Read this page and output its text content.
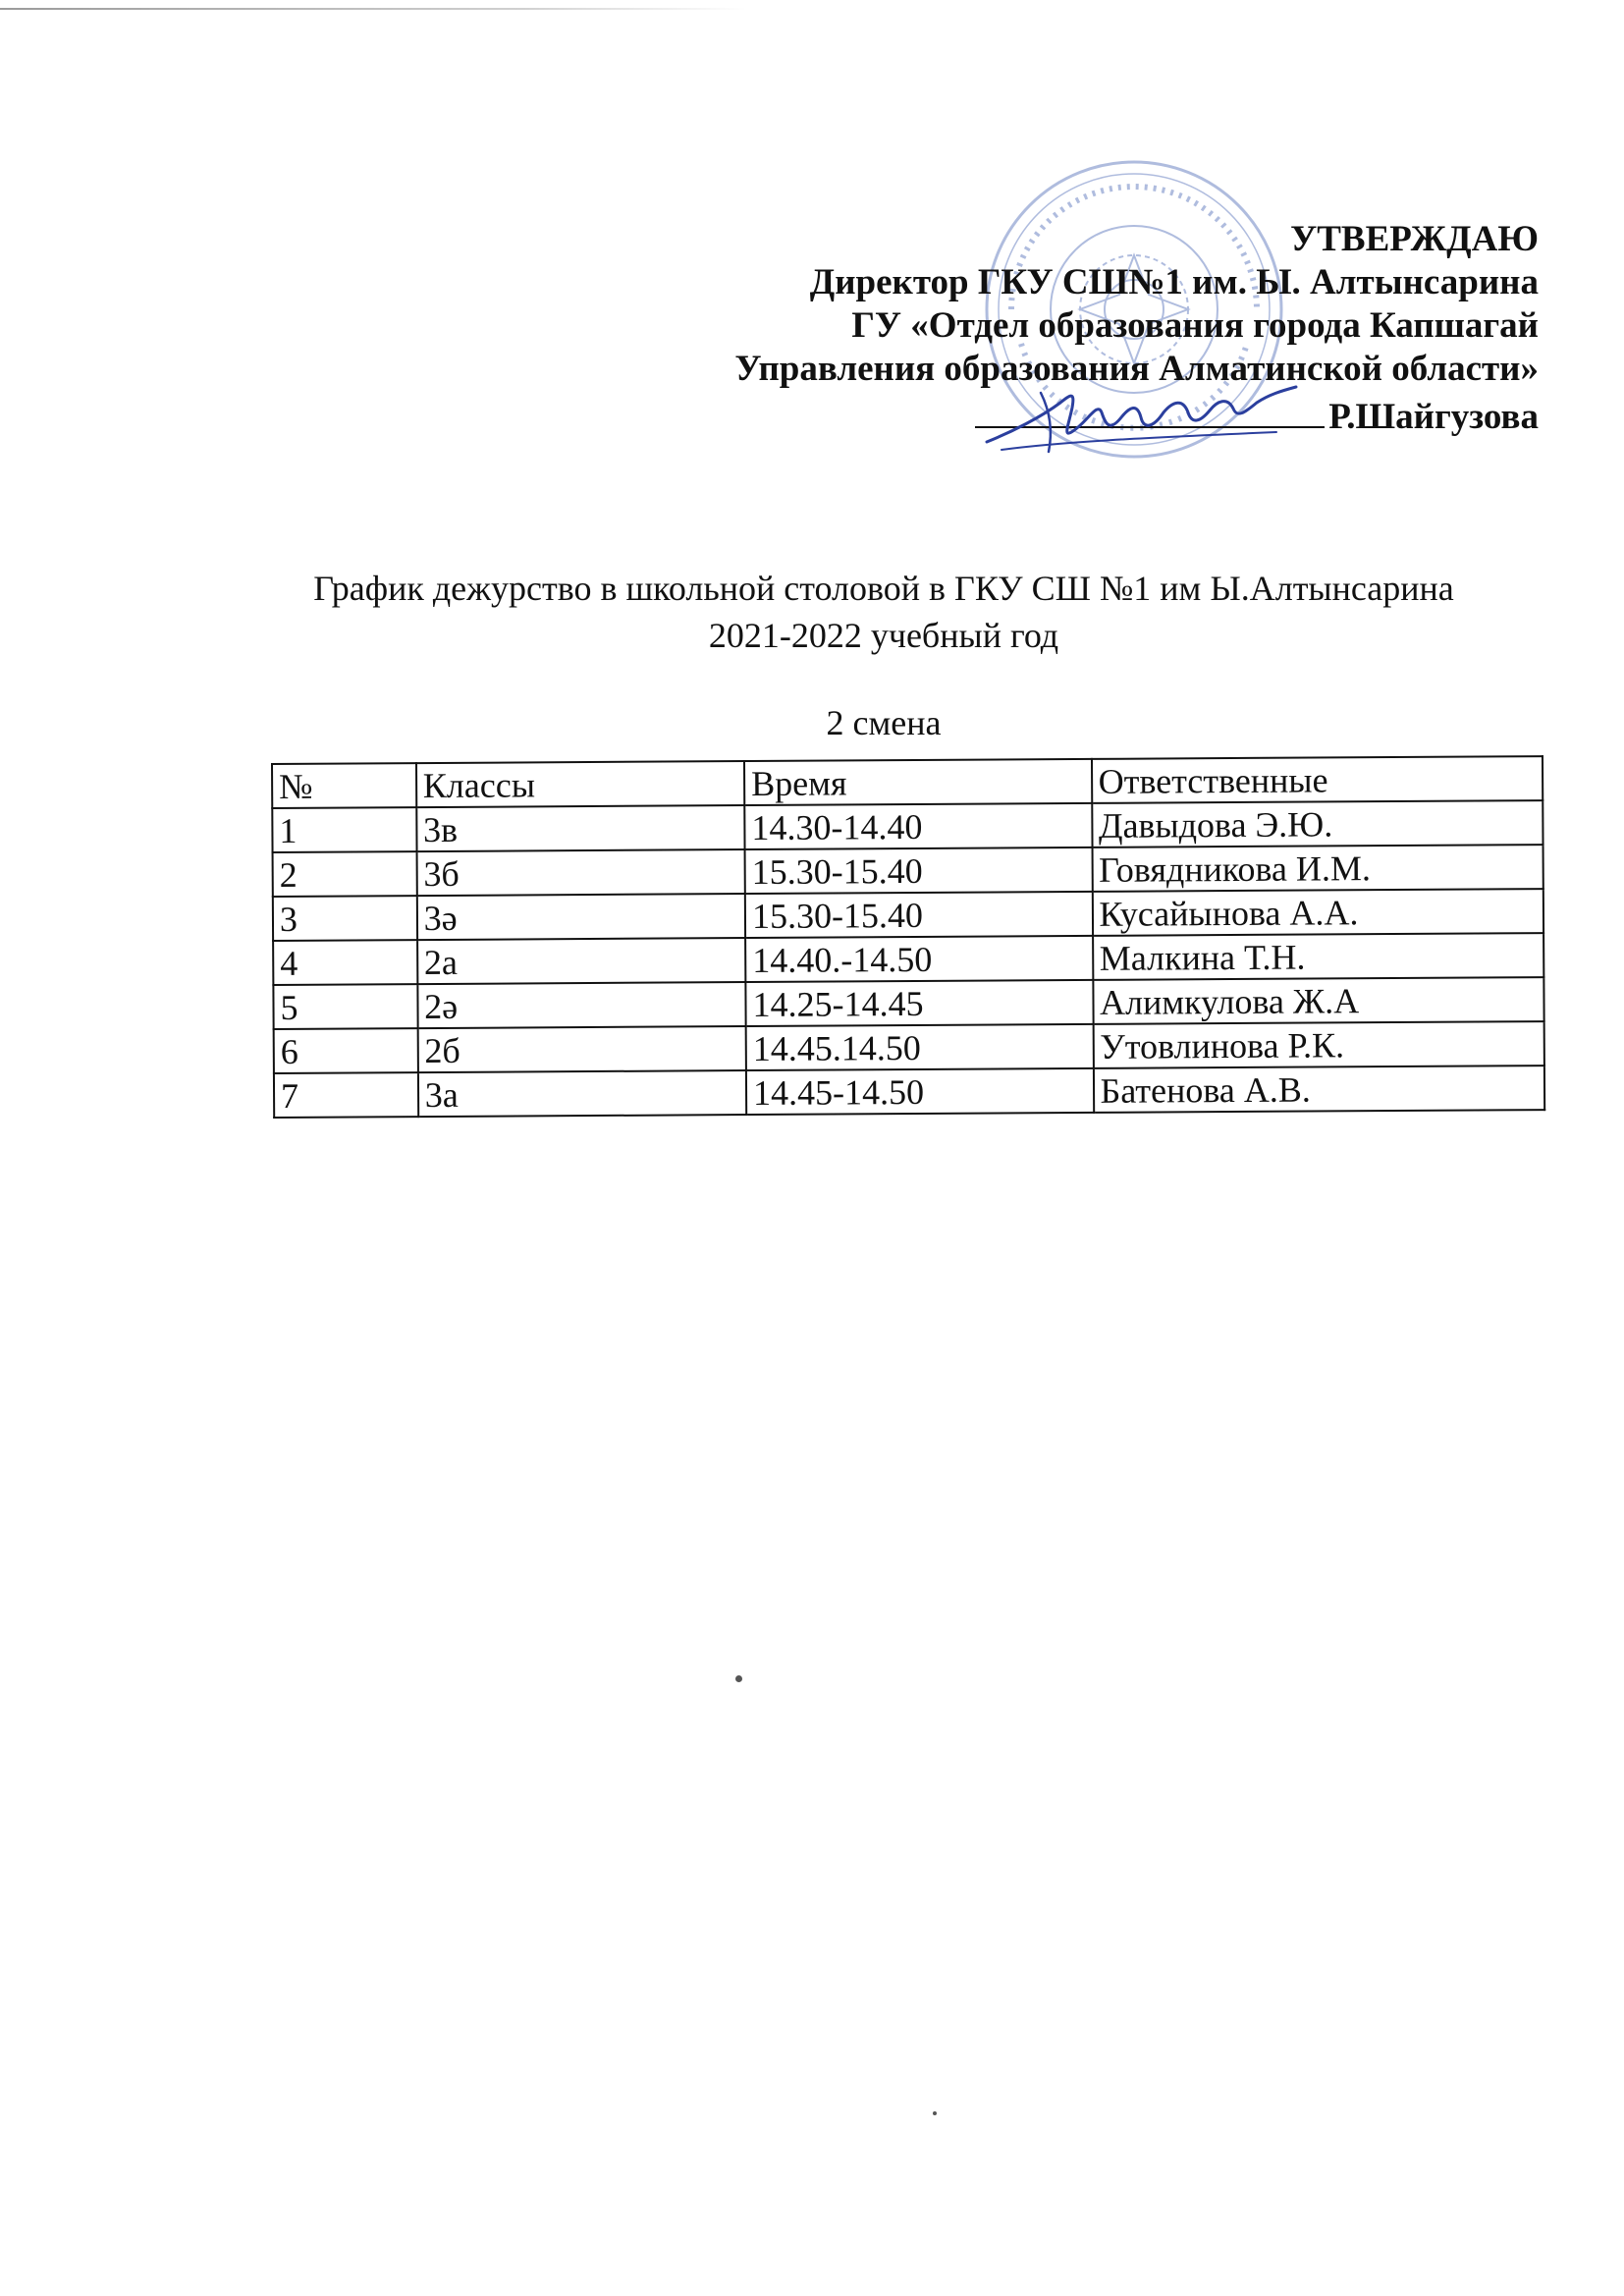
УТВЕРЖДАЮ
Директор ГКУ СШ№1 им. Ы. Алтынсарина
ГУ «Отдел образования города Капшагай
Управления образования Алматинской области»
Р.Шайгузова
График дежурство в школьной столовой в ГКУ СШ №1 им Ы.Алтынсарина
2021-2022 учебный год
2 смена
№	Классы	Время	Ответственные
1	3в	14.30-14.40	Давыдова Э.Ю.
2	3б	15.30-15.40	Говядникова И.М.
3	3ә	15.30-15.40	Кусайынова А.А.
4	2а	14.40.-14.50	Малкина Т.Н.
5	2ә	14.25-14.45	Алимкулова Ж.А
6	2б	14.45.14.50	Утовлинова Р.К.
7	3а	14.45-14.50	Батенова А.В.
